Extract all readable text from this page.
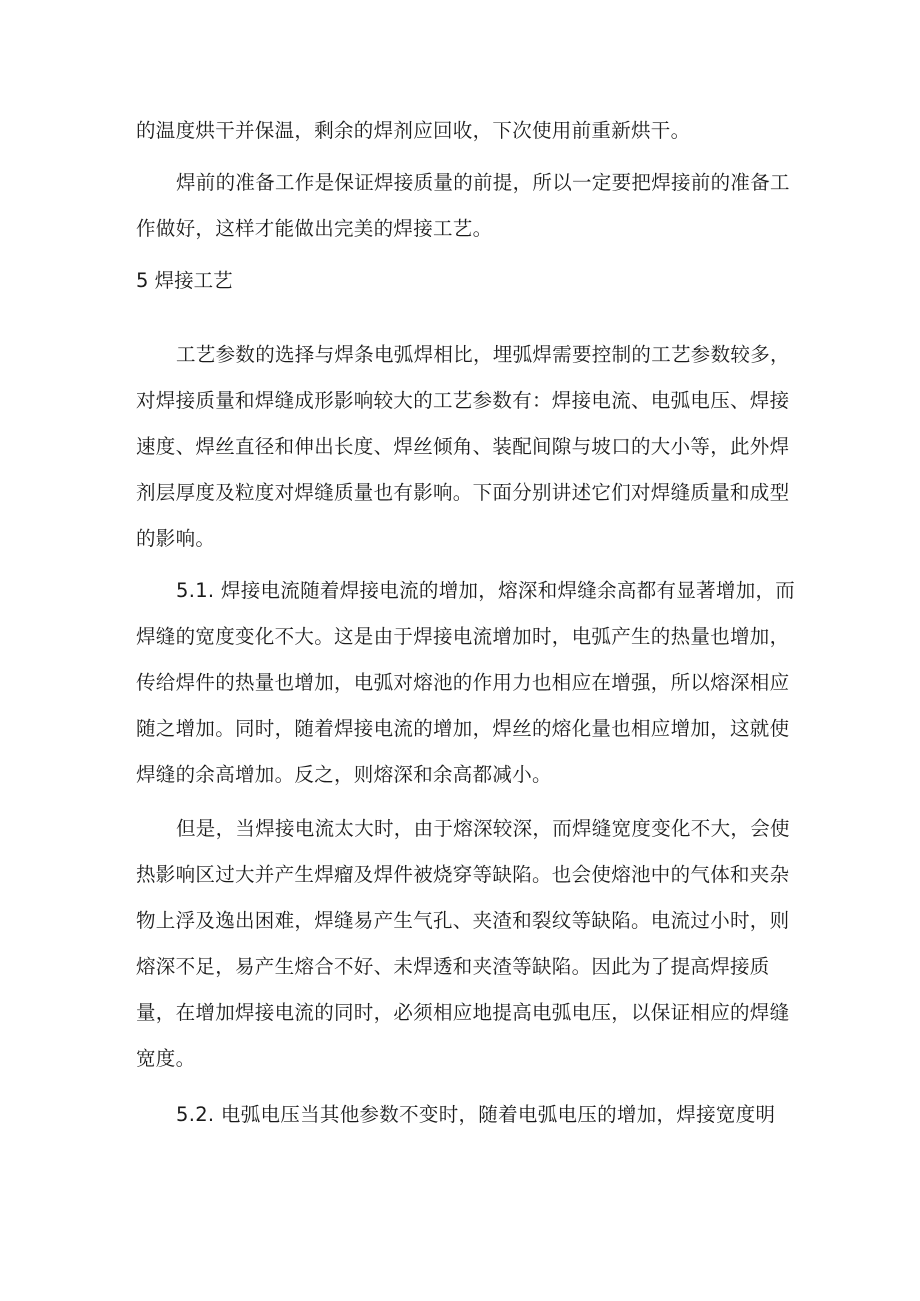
的温度烘干并保温，剩余的焊剂应回收，下次使用前重新烘干。

焊前的准备工作是保证焊接质量的前提，所以一定要把焊接前的准备工作做好，这样才能做出完美的焊接工艺。

5 焊接工艺

工艺参数的选择与焊条电弧焊相比，埋弧焊需要控制的工艺参数较多，对焊接质量和焊缝成形影响较大的工艺参数有：焊接电流、电弧电压、焊接速度、焊丝直径和伸出长度、焊丝倾角、装配间隙与坡口的大小等，此外焊剂层厚度及粒度对焊缝质量也有影响。下面分别讲述它们对焊缝质量和成型的影响。

5.1. 焊接电流随着焊接电流的增加，熔深和焊缝余高都有显著增加，而焊缝的宽度变化不大。这是由于焊接电流增加时，电弧产生的热量也增加，传给焊件的热量也增加，电弧对熔池的作用力也相应在增强，所以熔深相应随之增加。同时，随着焊接电流的增加，焊丝的熔化量也相应增加，这就使焊缝的余高增加。反之，则熔深和余高都减小。

但是，当焊接电流太大时，由于熔深较深，而焊缝宽度变化不大，会使热影响区过大并产生焊瘤及焊件被烧穿等缺陷。也会使熔池中的气体和夹杂物上浮及逸出困难，焊缝易产生气孔、夹渣和裂纹等缺陷。电流过小时，则熔深不足，易产生熔合不好、未焊透和夹渣等缺陷。因此为了提高焊接质量，在增加焊接电流的同时，必须相应地提高电弧电压，以保证相应的焊缝宽度。

5.2. 电弧电压当其他参数不变时，随着电弧电压的增加，焊接宽度明
